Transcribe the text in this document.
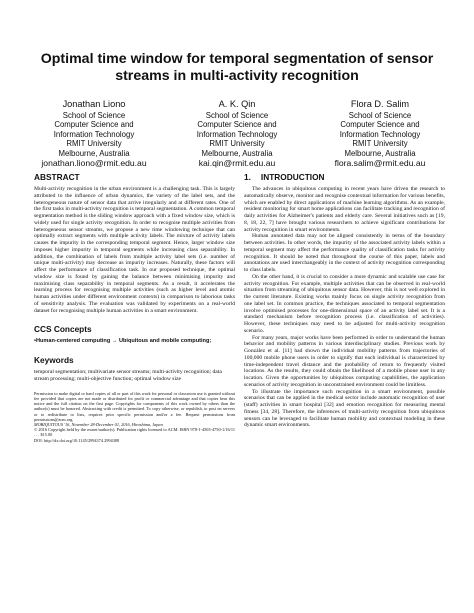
Optimal time window for temporal segmentation of sensor
streams in multi-activity recognition
Jonathan Liono
School of Science
Computer Science and
Information Technology
RMIT University
Melbourne, Australia
jonathan.liono@rmit.edu.au
A. K. Qin
School of Science
Computer Science and
Information Technology
RMIT University
Melbourne, Australia
kai.qin@rmit.edu.au
Flora D. Salim
School of Science
Computer Science and
Information Technology
RMIT University
Melbourne, Australia
flora.salim@rmit.edu.au
ABSTRACT

Multi-activity recognition in the urban environment is a challenging task. This is largely attributed to the influence of urban dynamics, the variety of the label sets, and the heterogeneous nature of sensor data that arrive irregularly and at different rates. One of the first tasks in multi-activity recognition is temporal segmentation. A common temporal segmentation method is the sliding window approach with a fixed window size, which is widely used for single activity recognition. In order to recognise multiple activities from heterogeneous sensor streams, we propose a new time windowing technique that can optimally extract segments with multiple activity labels. The mixture of activity labels causes the impurity in the corresponding temporal segment. Hence, larger window size imposes higher impurity in temporal segments while increasing class separability. In addition, the combination of labels from multiple activity label sets (i.e. number of unique multi-activity) may decrease as impurity increases. Naturally, these factors will affect the performance of classification task. In our proposed technique, the optimal window size is found by gaining the balance between minimising impurity and maximising class separability in temporal segments. As a result, it accelerates the learning process for recognising multiple activities (such as higher level and atomic human activities under different environment contexts) in comparison to laborious tasks of sensitivity analysis. The evaluation was validated by experiments on a real-world dataset for recognising multiple human activities in a smart environment.

CCS Concepts
•Human-centered computing → Ubiquitous and mobile computing;
Keywords

temporal segmentation; multivariate sensor streams; multi-activity recognition; data stream processing; multi-objective function; optimal window size

Permission to make digital or hard copies of all or part of this work for personal or classroom use is granted without fee provided that copies are not made or distributed for profit or commercial advantage and that copies bear this notice and the full citation on the first page. Copyrights for components of this work owned by others than the author(s) must be honored. Abstracting with credit is permitted. To copy otherwise, or republish, to post on servers or to redistribute to lists, requires prior specific permission and/or a fee. Request permissions from permissions@acm.org.

MOBIQUITOUS '16, November 28-December 01, 2016, Hiroshima, Japan

© 2016 Copyright held by the owner/author(s). Publication rights licensed to ACM. ISBN 978-1-4503-4750-1/16/11 . . . $15.00

DOI: http://dx.doi.org/10.1145/2994374.2994388

1. INTRODUCTION

The advances in ubiquitous computing in recent years have driven the research to automatically observe, monitor and recognise contextual information for various benefits, which are enabled by direct applications of machine learning algorithms. As an example, resident monitoring for smart home applications can facilitate tracking and recognition of daily activities for Alzheimer's patients and elderly care. Several initiatives such as [19, 8, 18, 22, 7] have brought various researchers to achieve significant contributions for activity recognition in smart environments.

Human annotated data may not be aligned consistently in terms of the boundary between activities. In other words, the impurity of the associated activity labels within a temporal segment may affect the performance quality of classification tasks for activity recognition. It should be noted that throughout the course of this paper, labels and annotations are used interchangeably in the context of activity recognition corresponding to class labels.

On the other hand, it is crucial to consider a more dynamic and scalable use case for activity recognition. For example, multiple activities that can be observed in real-world situation from streaming of ubiquitous sensor data. However, this is not well explored in the current literature. Existing works mainly focus on single activity recognition from one label set. In common practice, the techniques associated to temporal segmentation involve optimised processes for one-dimensional space of an activity label set. It is a standard mechanism before recognition process (i.e. classification of activities). However, these techniques may need to be adjusted for multi-activity recognition scenario.

For many years, major works have been performed in order to understand the human behavior and mobility patterns in various interdisciplinary studies. Previous work by González et al. [11] had shown the individual mobility patterns from trajectories of 100,000 mobile phone users in order to signify that each individual is characterized by time-independent travel distance and the probability of return to frequently visited locations. As the results, they could obtain the likelihood of a mobile phone user in any location. Given the opportunities by ubiquitous computing capabilities, the application scenarios of activity recognition in unconstrained environment could be limitless.

To illustrate the importance such recognition in a smart environment, possible scenarios that can be applied in the medical sector include automatic recognition of user (staff) activities in smart hospital [32] and emotion recognition for measuring mental fitness [34, 28]. Therefore, the inferences of multi-activity recognition from ubiquitous sensors can be leveraged to facilitate human mobility and contextual modeling in these dynamic smart environments.
